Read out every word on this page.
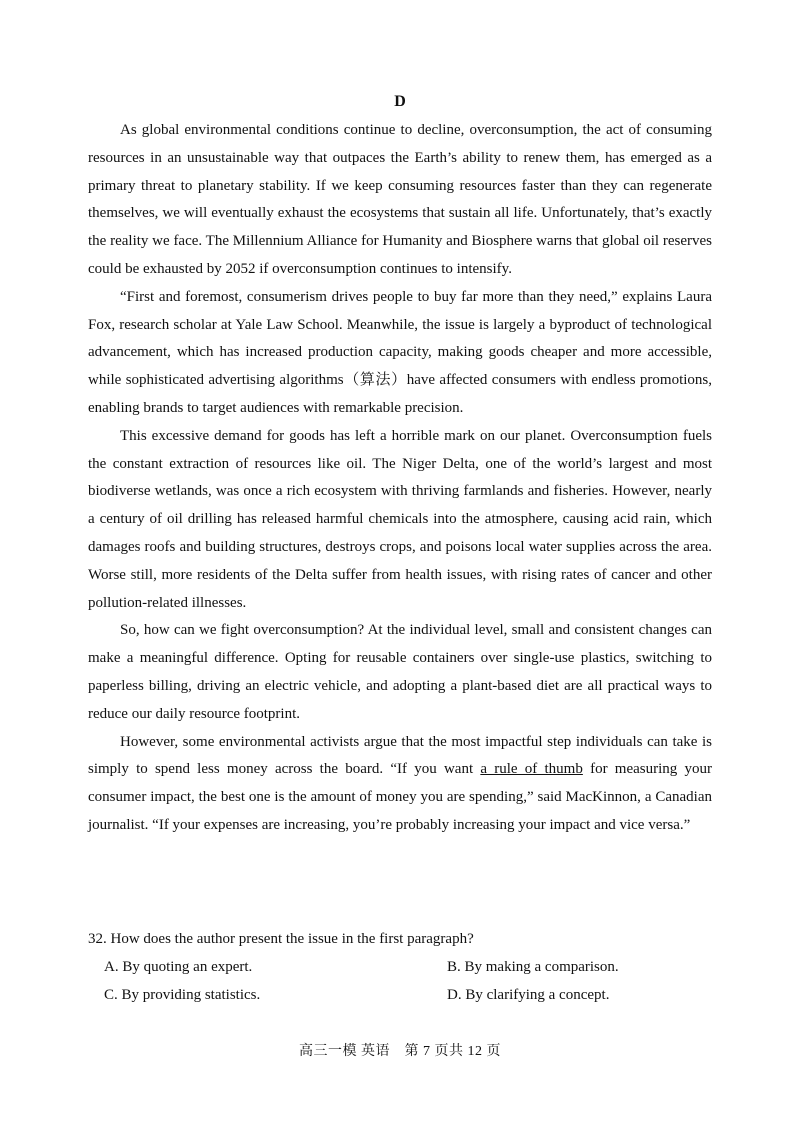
D

As global environmental conditions continue to decline, overconsumption, the act of consuming resources in an unsustainable way that outpaces the Earth’s ability to renew them, has emerged as a primary threat to planetary stability. If we keep consuming resources faster than they can regenerate themselves, we will eventually exhaust the ecosystems that sustain all life. Unfortunately, that’s exactly the reality we face. The Millennium Alliance for Humanity and Biosphere warns that global oil reserves could be exhausted by 2052 if overconsumption continues to intensify.

“First and foremost, consumerism drives people to buy far more than they need,” explains Laura Fox, research scholar at Yale Law School. Meanwhile, the issue is largely a byproduct of technological advancement, which has increased production capacity, making goods cheaper and more accessible, while sophisticated advertising algorithms（算法）have affected consumers with endless promotions, enabling brands to target audiences with remarkable precision.

This excessive demand for goods has left a horrible mark on our planet. Overconsumption fuels the constant extraction of resources like oil. The Niger Delta, one of the world’s largest and most biodiverse wetlands, was once a rich ecosystem with thriving farmlands and fisheries. However, nearly a century of oil drilling has released harmful chemicals into the atmosphere, causing acid rain, which damages roofs and building structures, destroys crops, and poisons local water supplies across the area. Worse still, more residents of the Delta suffer from health issues, with rising rates of cancer and other pollution-related illnesses.

So, how can we fight overconsumption? At the individual level, small and consistent changes can make a meaningful difference. Opting for reusable containers over single-use plastics, switching to paperless billing, driving an electric vehicle, and adopting a plant-based diet are all practical ways to reduce our daily resource footprint.

However, some environmental activists argue that the most impactful step individuals can take is simply to spend less money across the board. “If you want a rule of thumb for measuring your consumer impact, the best one is the amount of money you are spending,” said MacKinnon, a Canadian journalist. “If your expenses are increasing, you’re probably increasing your impact and vice versa.”

32. How does the author present the issue in the first paragraph?

A. By quoting an expert.	B. By making a comparison.
C. By providing statistics.	D. By clarifying a concept.
高三一模 英语　第 7 页共 12 页
